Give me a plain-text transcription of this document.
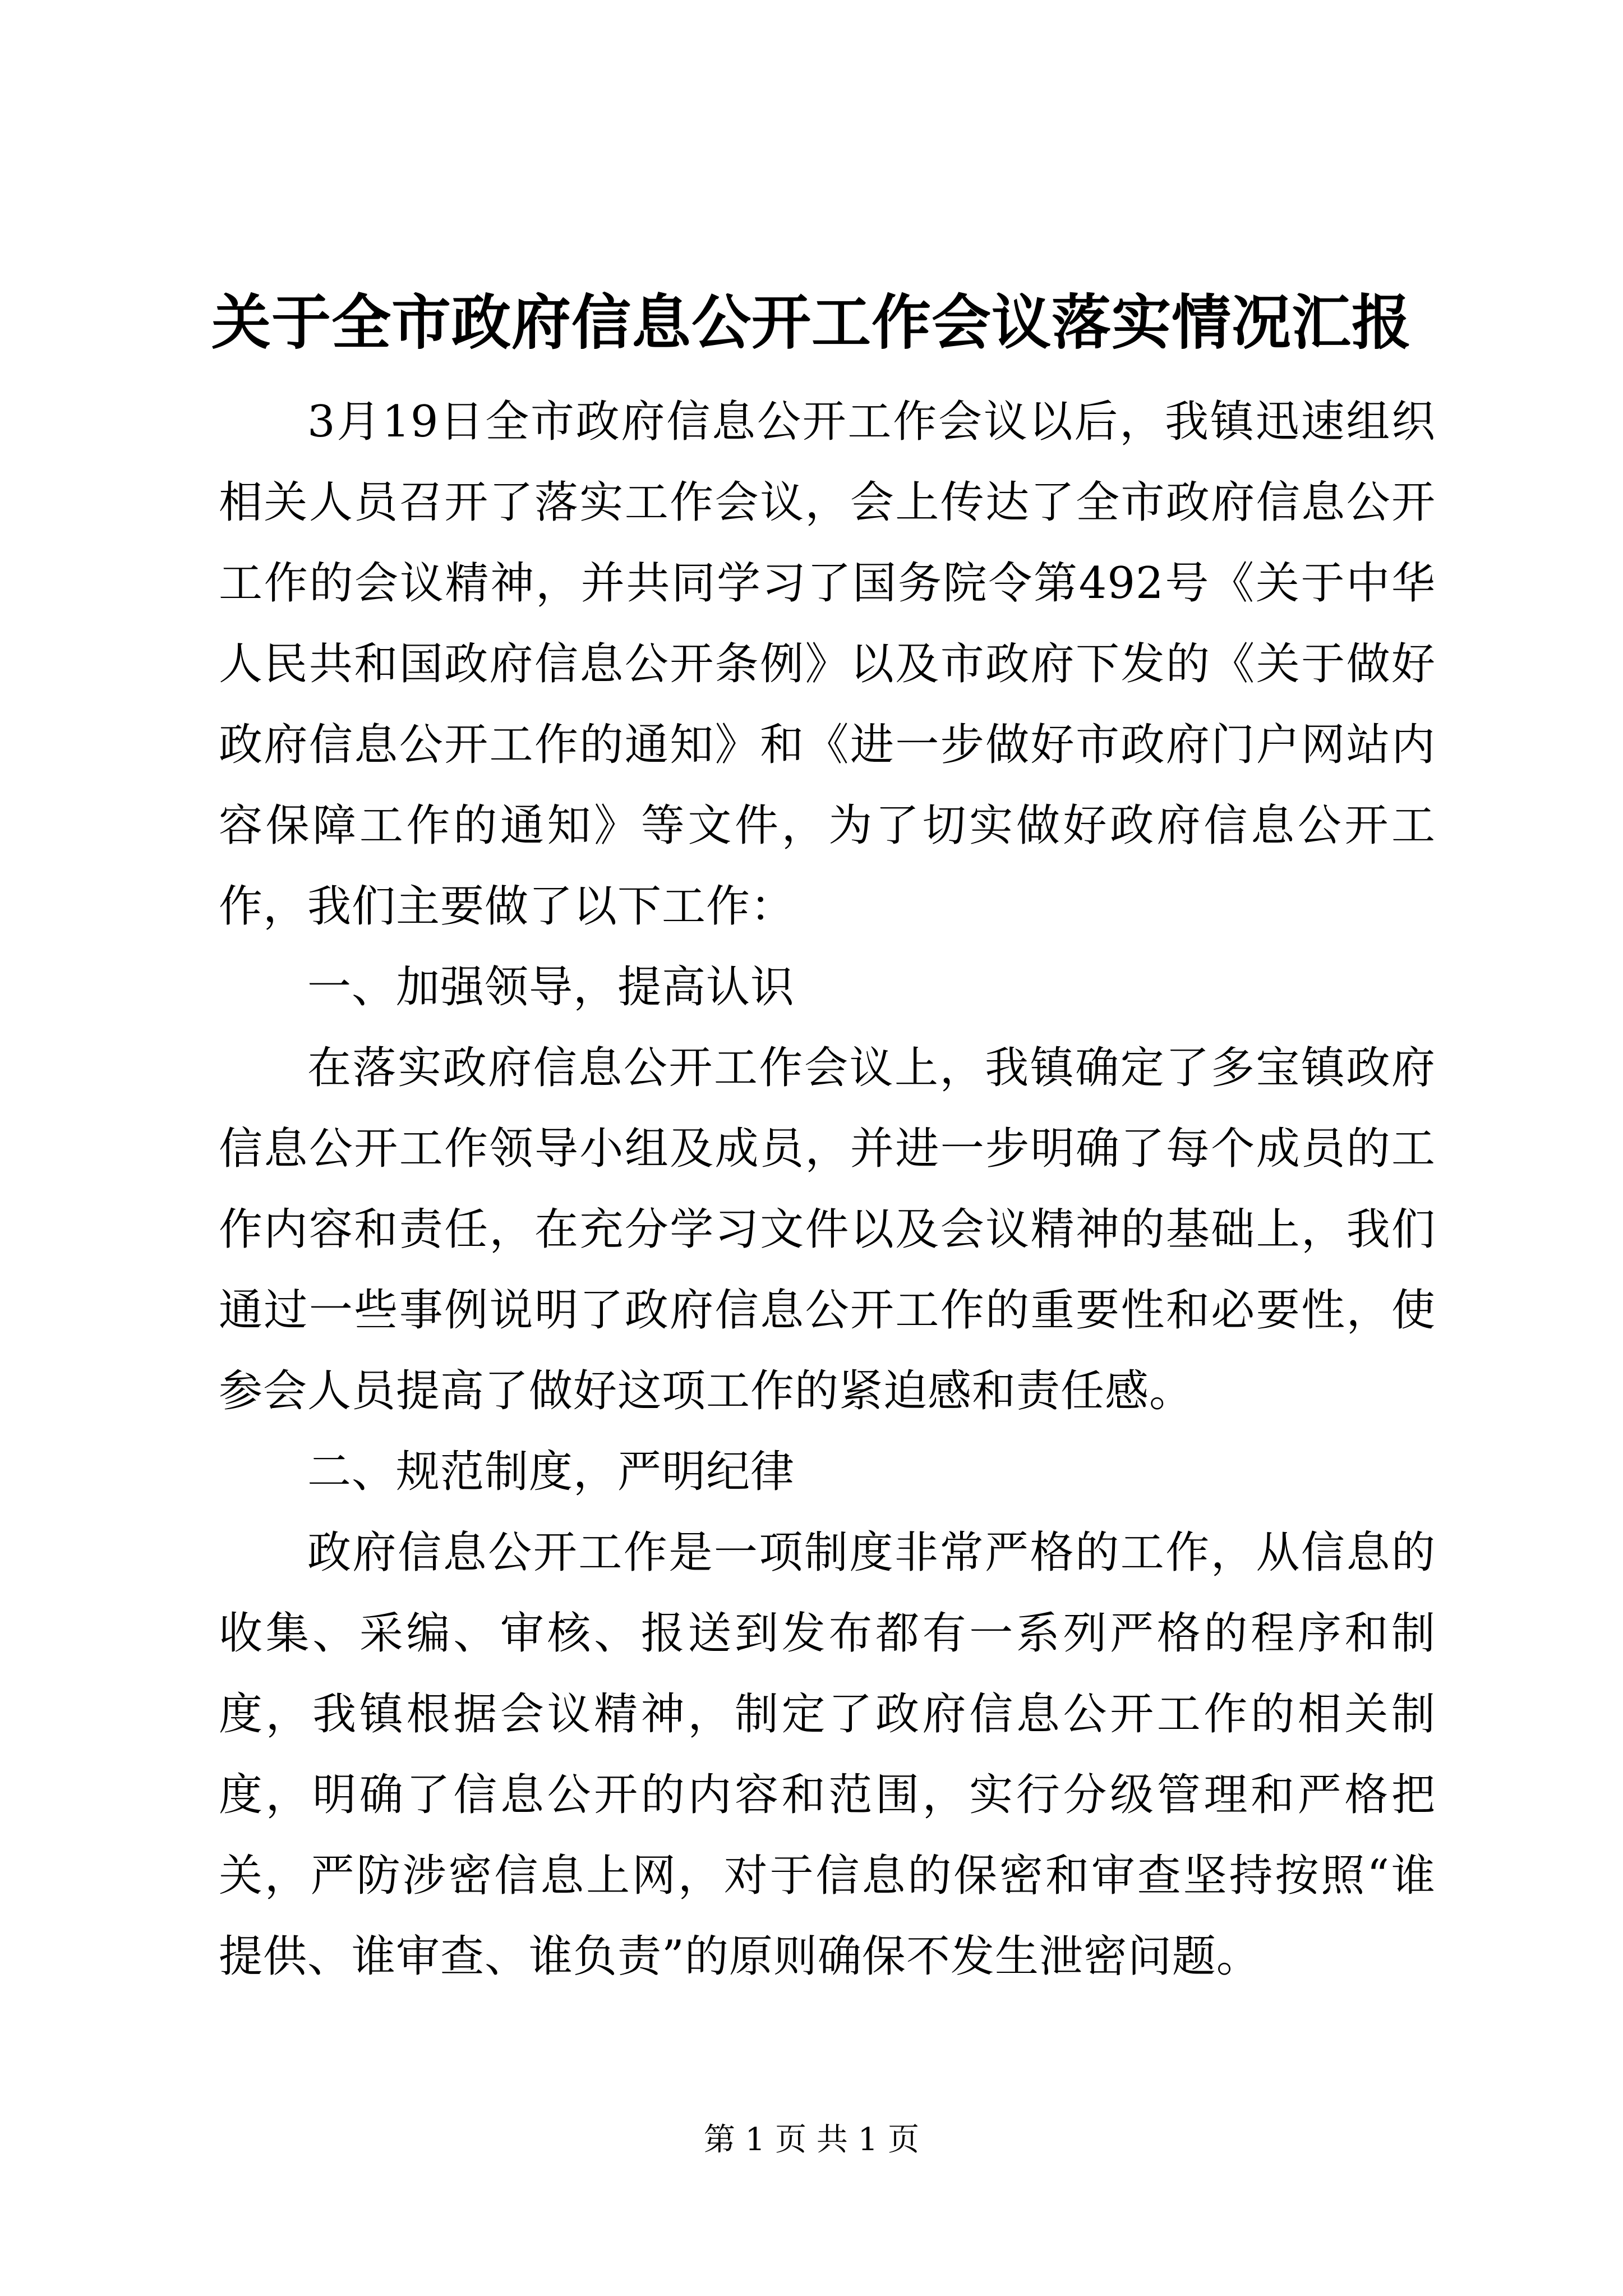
关于全市政府信息公开工作会议落实情况汇报

3月19日全市政府信息公开工作会议以后，我镇迅速组织相关人员召开了落实工作会议，会上传达了全市政府信息公开工作的会议精神，并共同学习了国务院令第492号《关于中华人民共和国政府信息公开条例》以及市政府下发的《关于做好政府信息公开工作的通知》和《进一步做好市政府门户网站内容保障工作的通知》等文件，为了切实做好政府信息公开工作，我们主要做了以下工作：

一、加强领导，提高认识

在落实政府信息公开工作会议上，我镇确定了多宝镇政府信息公开工作领导小组及成员，并进一步明确了每个成员的工作内容和责任，在充分学习文件以及会议精神的基础上，我们通过一些事例说明了政府信息公开工作的重要性和必要性，使参会人员提高了做好这项工作的紧迫感和责任感。

二、规范制度，严明纪律

政府信息公开工作是一项制度非常严格的工作，从信息的收集、采编、审核、报送到发布都有一系列严格的程序和制度，我镇根据会议精神，制定了政府信息公开工作的相关制度，明确了信息公开的内容和范围，实行分级管理和严格把关，严防涉密信息上网，对于信息的保密和审查坚持按照“谁提供、谁审查、谁负责”的原则确保不发生泄密问题。

第 1 页 共 1 页
